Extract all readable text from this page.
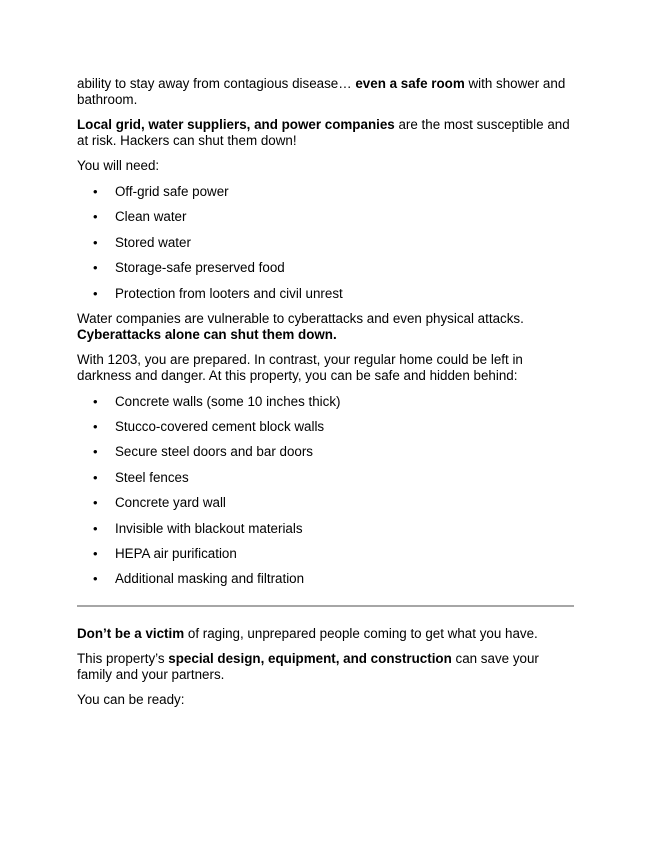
ability to stay away from contagious disease… even a safe room with shower and bathroom.

Local grid, water suppliers, and power companies are the most susceptible and at risk. Hackers can shut them down!

You will need:

• Off-grid safe power
• Clean water
• Stored water
• Storage-safe preserved food
• Protection from looters and civil unrest

Water companies are vulnerable to cyberattacks and even physical attacks.
Cyberattacks alone can shut them down.

With 1203, you are prepared. In contrast, your regular home could be left in darkness and danger. At this property, you can be safe and hidden behind:

• Concrete walls (some 10 inches thick)
• Stucco-covered cement block walls
• Secure steel doors and bar doors
• Steel fences
• Concrete yard wall
• Invisible with blackout materials
• HEPA air purification
• Additional masking and filtration

Don’t be a victim of raging, unprepared people coming to get what you have.

This property’s special design, equipment, and construction can save your family and your partners.

You can be ready:
